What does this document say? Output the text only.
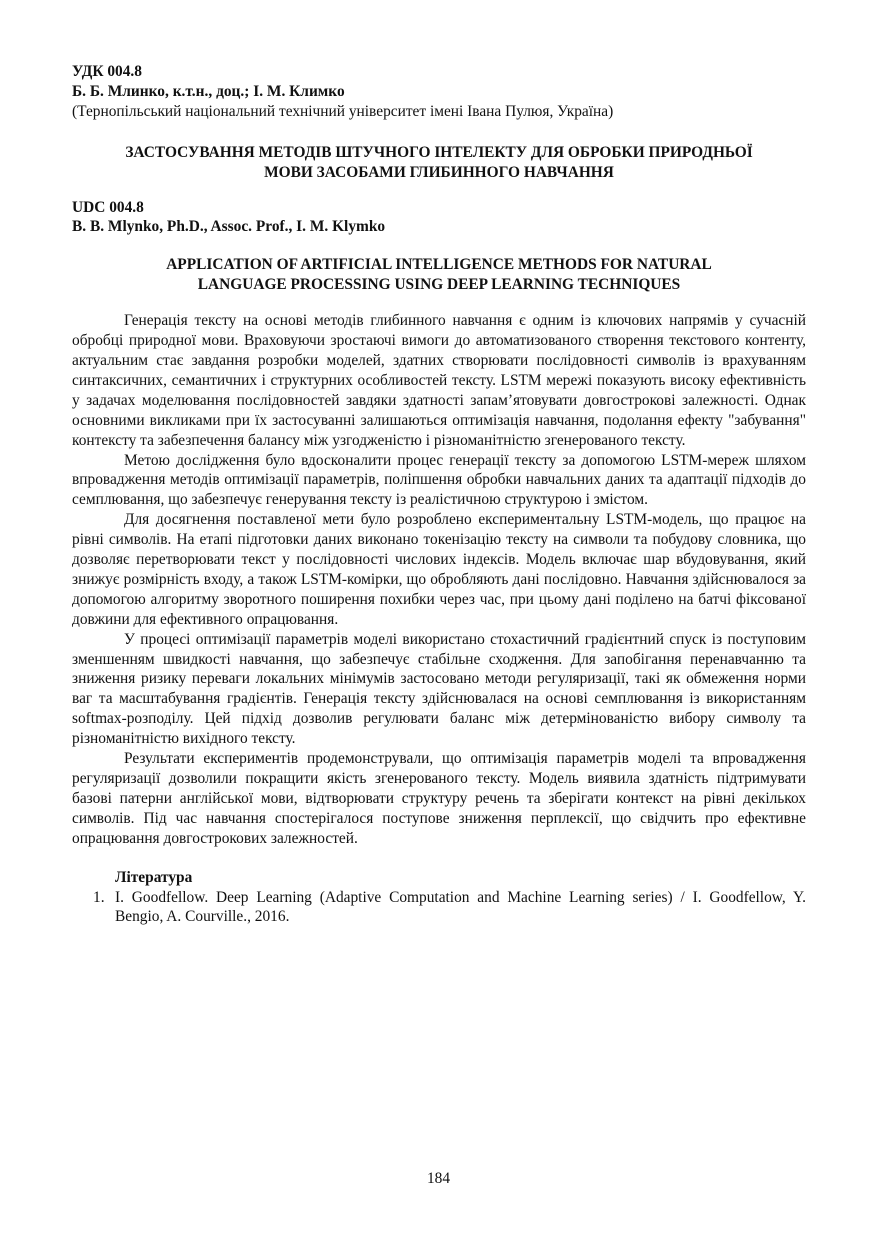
УДК 004.8
Б. Б. Млинко, к.т.н., доц.; І. М. Климко
(Тернопільський національний технічний університет імені Івана Пулюя, Україна)

ЗАСТОСУВАННЯ МЕТОДІВ ШТУЧНОГО ІНТЕЛЕКТУ ДЛЯ ОБРОБКИ ПРИРОДНЬОЇ
МОВИ ЗАСОБАМИ ГЛИБИННОГО НАВЧАННЯ

UDC 004.8
B. B. Mlynko, Ph.D., Assoc. Prof., I. M. Klymko

APPLICATION OF ARTIFICIAL INTELLIGENCE METHODS FOR NATURAL
LANGUAGE PROCESSING USING DEEP LEARNING TECHNIQUES

Генерація тексту на основі методів глибинного навчання є одним із ключових напрямів у сучасній обробці природної мови. Враховуючи зростаючі вимоги до автоматизованого створення текстового контенту, актуальним стає завдання розробки моделей, здатних створювати послідовності символів із врахуванням синтаксичних, семантичних і структурних особливостей тексту. LSTM мережі показують високу ефективність у задачах моделювання послідовностей завдяки здатності запам’ятовувати довгострокові залежності. Однак основними викликами при їх застосуванні залишаються оптимізація навчання, подолання ефекту "забування" контексту та забезпечення балансу між узгодженістю і різноманітністю згенерованого тексту.

Метою дослідження було вдосконалити процес генерації тексту за допомогою LSTM-мереж шляхом впровадження методів оптимізації параметрів, поліпшення обробки навчальних даних та адаптації підходів до семплювання, що забезпечує генерування тексту із реалістичною структурою і змістом.

Для досягнення поставленої мети було розроблено експериментальну LSTM-модель, що працює на рівні символів. На етапі підготовки даних виконано токенізацію тексту на символи та побудову словника, що дозволяє перетворювати текст у послідовності числових індексів. Модель включає шар вбудовування, який знижує розмірність входу, а також LSTM-комірки, що обробляють дані послідовно. Навчання здійснювалося за допомогою алгоритму зворотного поширення похибки через час, при цьому дані поділено на батчі фіксованої довжини для ефективного опрацювання.

У процесі оптимізації параметрів моделі використано стохастичний градієнтний спуск із поступовим зменшенням швидкості навчання, що забезпечує стабільне сходження. Для запобігання перенавчанню та зниження ризику переваги локальних мінімумів застосовано методи регуляризації, такі як обмеження норми ваг та масштабування градієнтів. Генерація тексту здійснювалася на основі семплювання із використанням softmax-розподілу. Цей підхід дозволив регулювати баланс між детермінованістю вибору символу та різноманітністю вихідного тексту.

Результати експериментів продемонстрували, що оптимізація параметрів моделі та впровадження регуляризації дозволили покращити якість згенерованого тексту. Модель виявила здатність підтримувати базові патерни англійської мови, відтворювати структуру речень та зберігати контекст на рівні декількох символів. Під час навчання спостерігалося поступове зниження перплексії, що свідчить про ефективне опрацювання довгострокових залежностей.

Література

1. I. Goodfellow. Deep Learning (Adaptive Computation and Machine Learning series) / I. Goodfellow, Y. Bengio, A. Courville., 2016.
184
